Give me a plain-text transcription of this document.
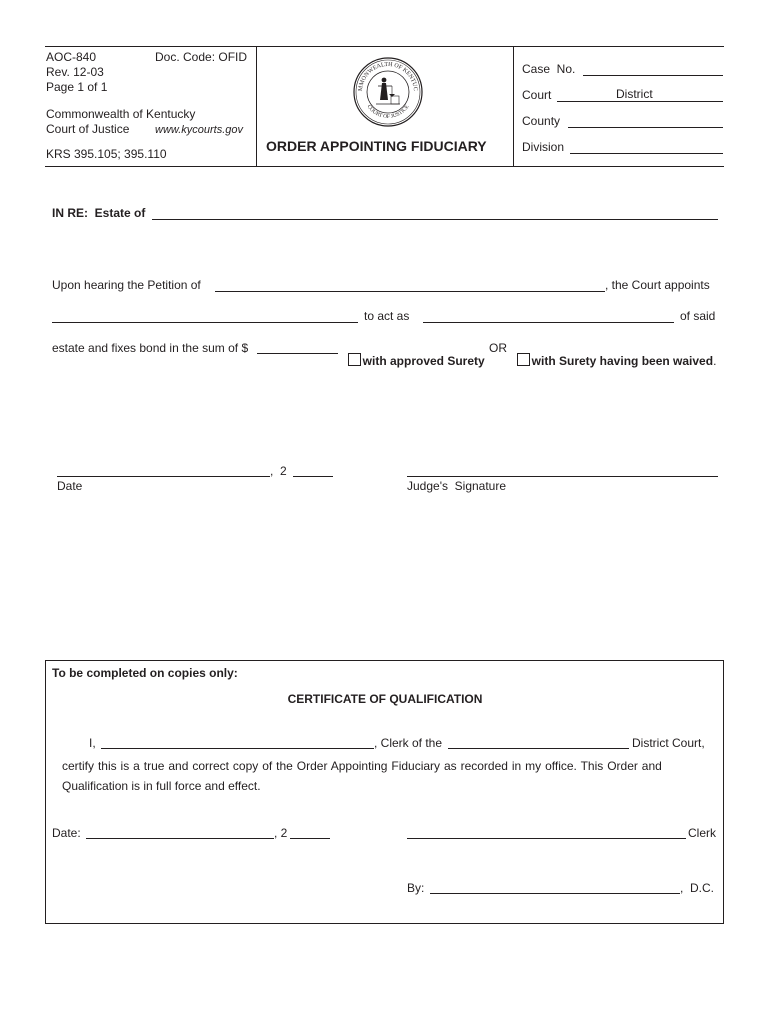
AOC-840	Doc. Code: OFID
Rev. 12-03
Page 1 of 1
Commonwealth of Kentucky
Court of Justice www.kycourts.gov
KRS 395.105; 395.110
MMONWEALTH OF KENTUC
COURT OF JUSTICE
ORDER APPOINTING FIDUCIARY
Case  No.
Court	District
County
Division
IN RE:  Estate of
Upon hearing the Petition of	, the Court appoints
to act as	of said
estate and fixes bond in the sum of $

with approved Surety

OR

with Surety having been waived.

,  2
Date	Judge's  Signature
To be completed on copies only:
CERTIFICATE OF QUALIFICATION
I,	, Clerk of the	District Court,
certify this is a true and correct copy of the Order Appointing Fiduciary as recorded in my office. This Order and
Qualification is in full force and effect.
Date:	, 2	Clerk
By:	,  D.C.
